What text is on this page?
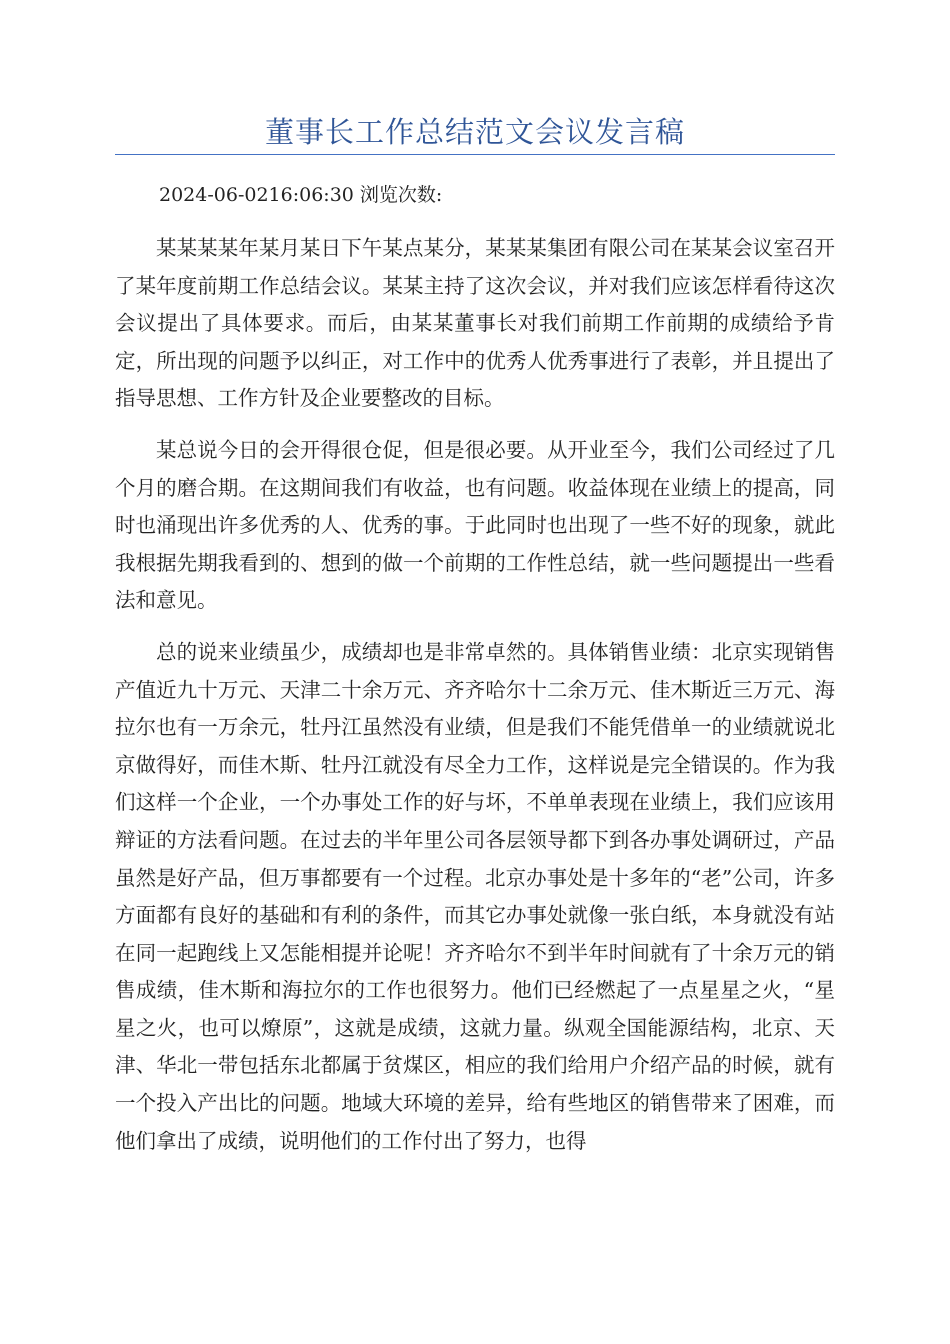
董事长工作总结范文会议发言稿
2024-06-0216:06:30 浏览次数:

某某某某年某月某日下午某点某分，某某某集团有限公司在某某会议室召开了某年度前期工作总结会议。某某主持了这次会议，并对我们应该怎样看待这次会议提出了具体要求。而后，由某某董事长对我们前期工作前期的成绩给予肯定，所出现的问题予以纠正，对工作中的优秀人优秀事进行了表彰，并且提出了指导思想、工作方针及企业要整改的目标。

某总说今日的会开得很仓促，但是很必要。从开业至今，我们公司经过了几个月的磨合期。在这期间我们有收益，也有问题。收益体现在业绩上的提高，同时也涌现出许多优秀的人、优秀的事。于此同时也出现了一些不好的现象，就此我根据先期我看到的、想到的做一个前期的工作性总结，就一些问题提出一些看法和意见。

总的说来业绩虽少，成绩却也是非常卓然的。具体销售业绩：北京实现销售产值近九十万元、天津二十余万元、齐齐哈尔十二余万元、佳木斯近三万元、海拉尔也有一万余元，牡丹江虽然没有业绩，但是我们不能凭借单一的业绩就说北京做得好，而佳木斯、牡丹江就没有尽全力工作，这样说是完全错误的。作为我们这样一个企业，一个办事处工作的好与坏，不单单表现在业绩上，我们应该用辩证的方法看问题。在过去的半年里公司各层领导都下到各办事处调研过，产品虽然是好产品，但万事都要有一个过程。北京办事处是十多年的“老”公司，许多方面都有良好的基础和有利的条件，而其它办事处就像一张白纸，本身就没有站在同一起跑线上又怎能相提并论呢！齐齐哈尔不到半年时间就有了十余万元的销售成绩，佳木斯和海拉尔的工作也很努力。他们已经燃起了一点星星之火，“星星之火，也可以燎原”，这就是成绩，这就力量。纵观全国能源结构，北京、天津、华北一带包括东北都属于贫煤区，相应的我们给用户介绍产品的时候，就有一个投入产出比的问题。地域大环境的差异，给有些地区的销售带来了困难，而他们拿出了成绩，说明他们的工作付出了努力，也得
